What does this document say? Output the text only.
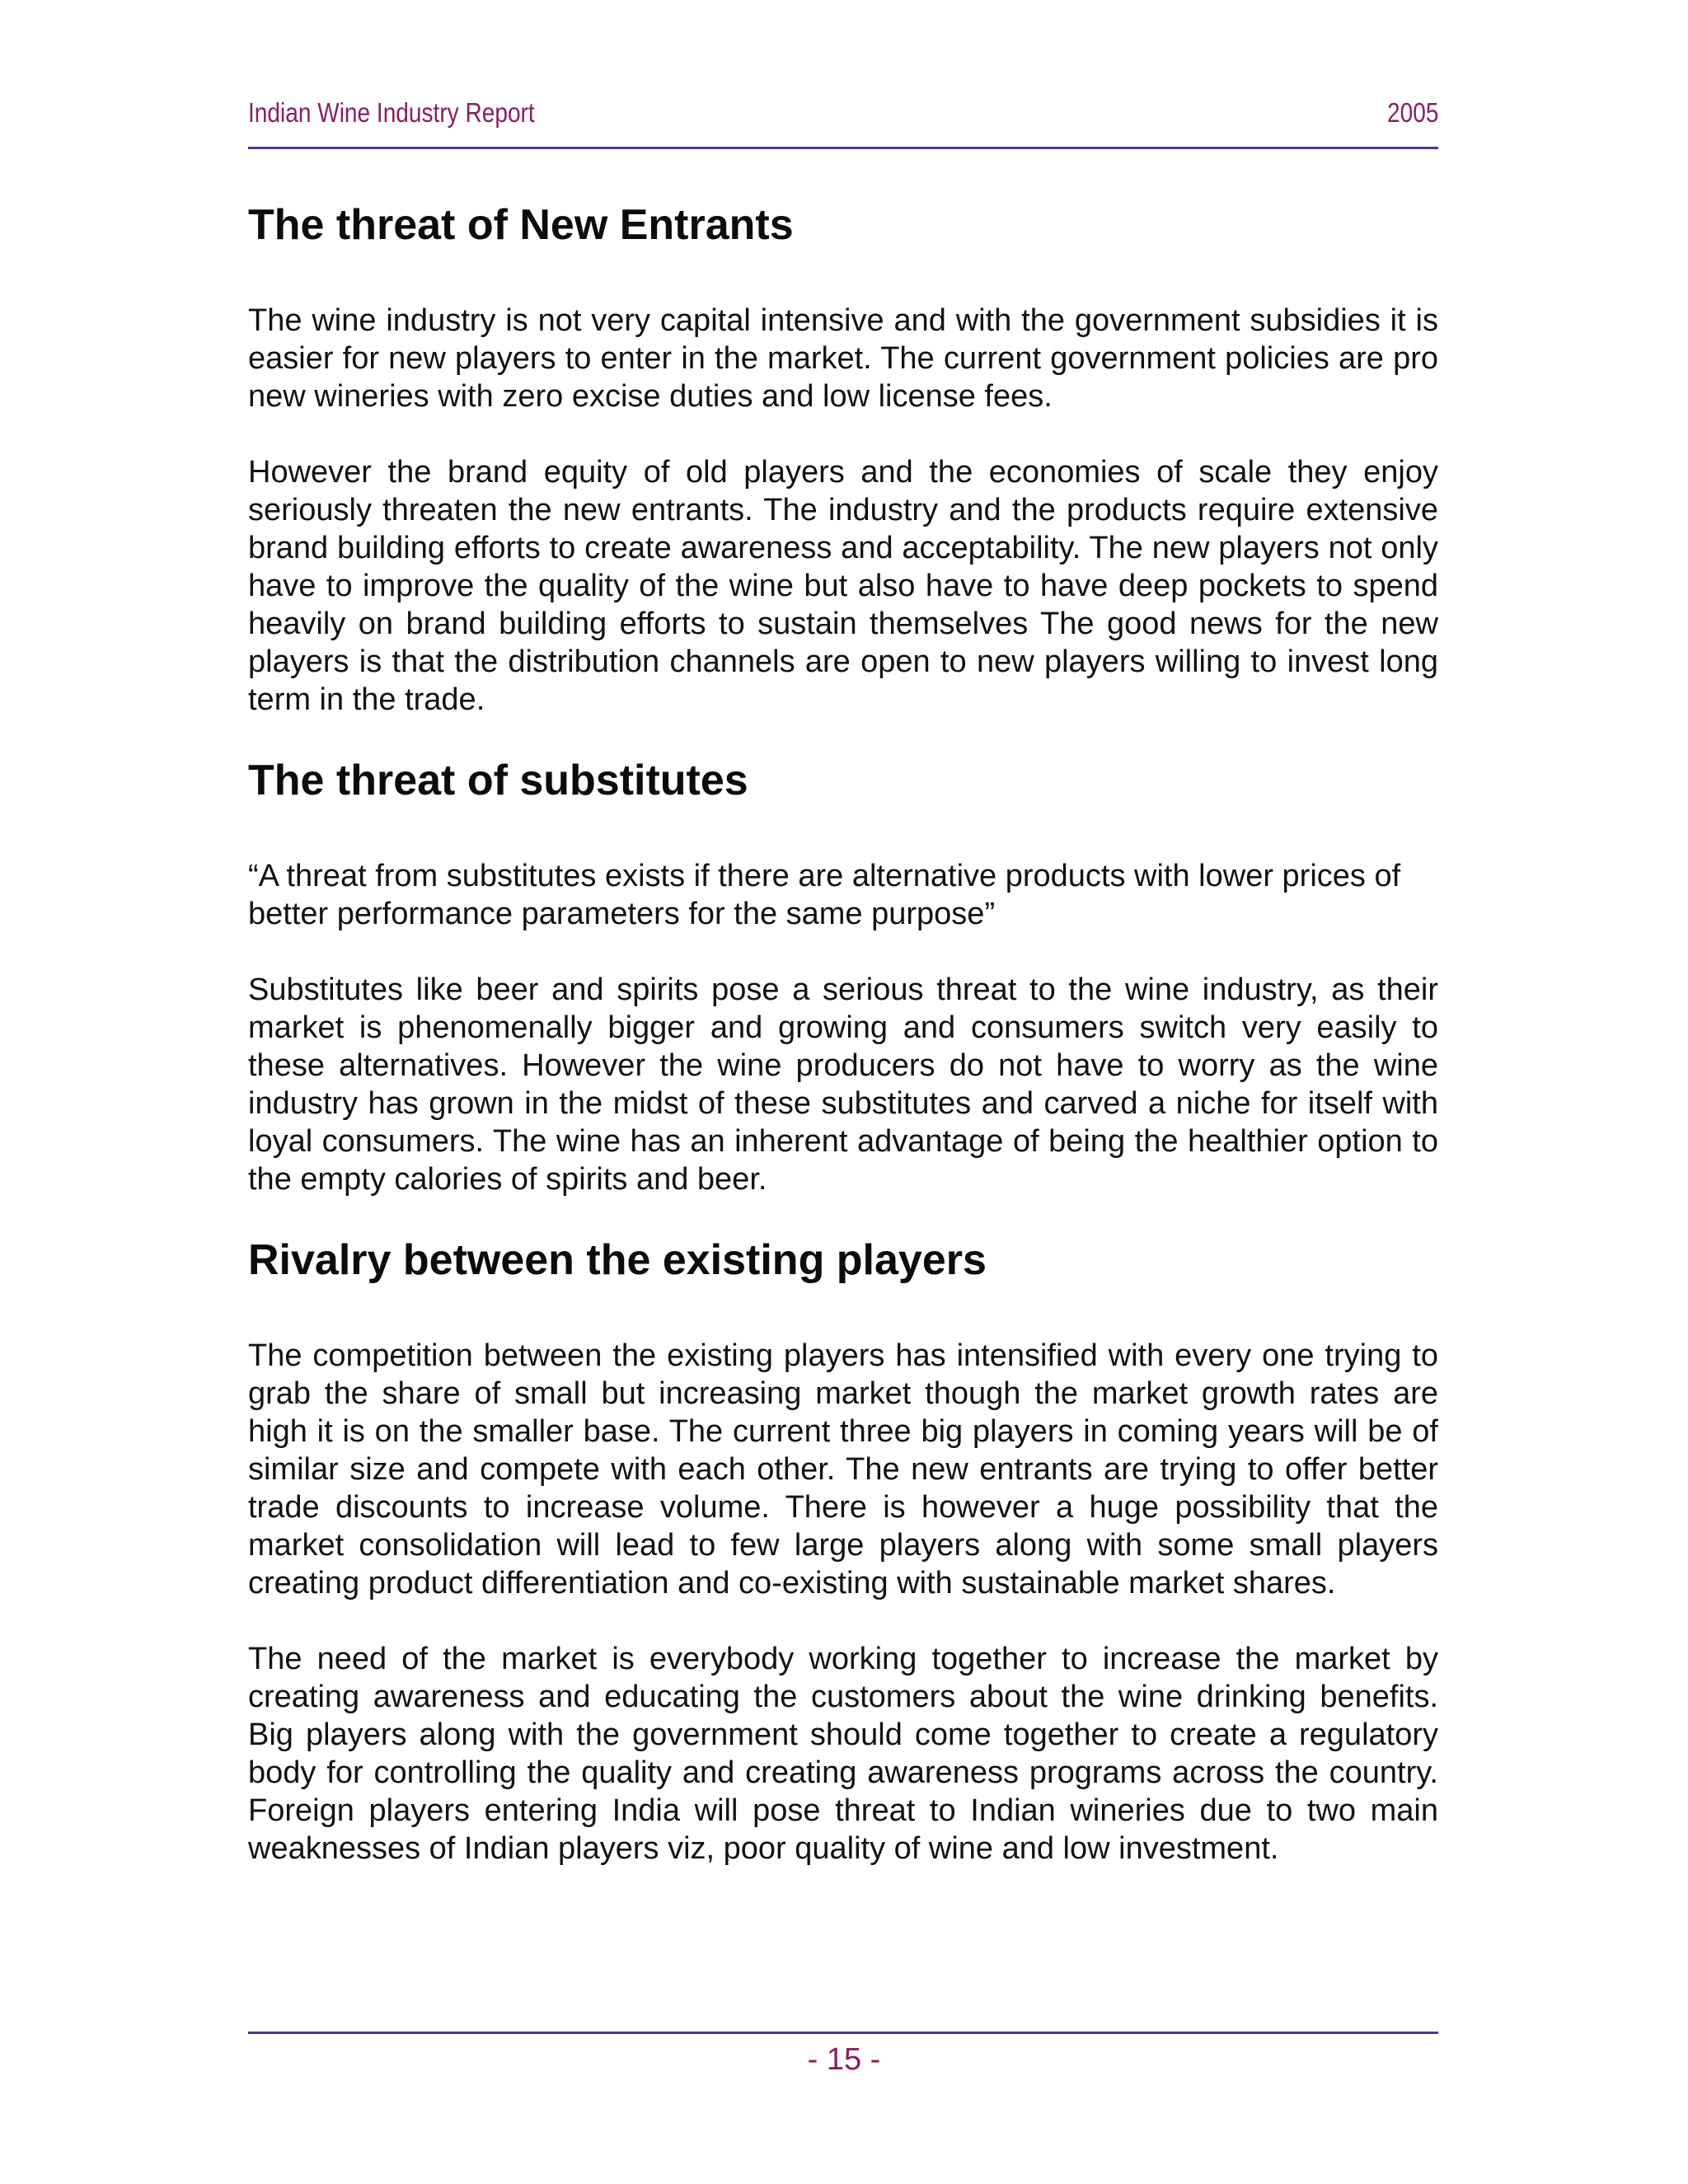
Indian Wine Industry Report	2005
The threat of New Entrants

The wine industry is not very capital intensive and with the government subsidies it is easier for new players to enter in the market. The current government policies are pro new wineries with zero excise duties and low license fees.

However the brand equity of old players and the economies of scale they enjoy seriously threaten the new entrants. The industry and the products require extensive brand building efforts to create awareness and acceptability. The new players not only have to improve the quality of the wine but also have to have deep pockets to spend heavily on brand building efforts to sustain themselves The good news for the new players is that the distribution channels are open to new players willing to invest long term in the trade.

The threat of substitutes

“A threat from substitutes exists if there are alternative products with lower prices of better performance parameters for the same purpose”

Substitutes like beer and spirits pose a serious threat to the wine industry, as their market is phenomenally bigger and growing and consumers switch very easily to these alternatives. However the wine producers do not have to worry as the wine industry has grown in the midst of these substitutes and carved a niche for itself with loyal consumers. The wine has an inherent advantage of being the healthier option to the empty calories of spirits and beer.

Rivalry between the existing players

The competition between the existing players has intensified with every one trying to grab the share of small but increasing market though the market growth rates are high it is on the smaller base. The current three big players in coming years will be of similar size and compete with each other. The new entrants are trying to offer better trade discounts to increase volume. There is however a huge possibility that the market consolidation will lead to few large players along with some small players creating product differentiation and co-existing with sustainable market shares.

The need of the market is everybody working together to increase the market by creating awareness and educating the customers about the wine drinking benefits. Big players along with the government should come together to create a regulatory body for controlling the quality and creating awareness programs across the country. Foreign players entering India will pose threat to Indian wineries due to two main weaknesses of Indian players viz, poor quality of wine and low investment.

- 15 -
